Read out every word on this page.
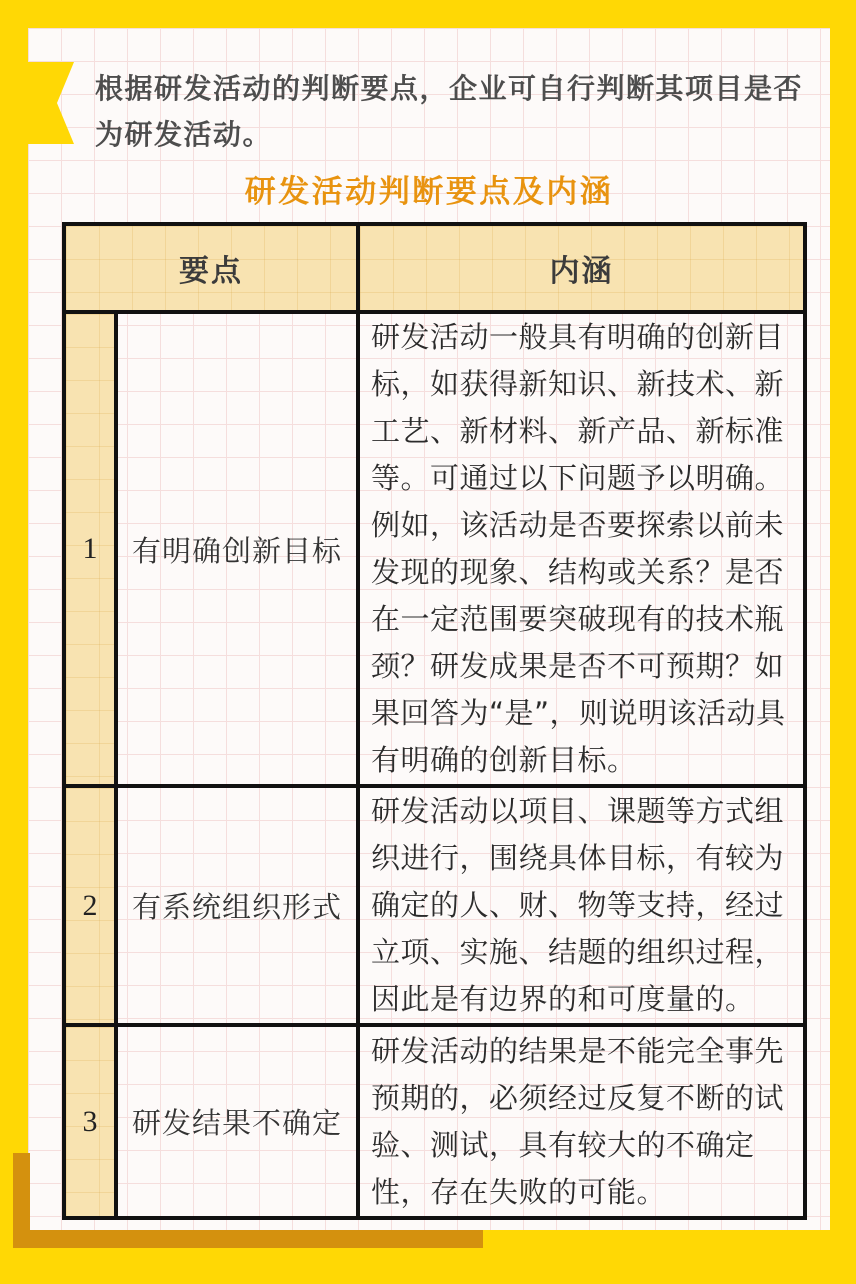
根据研发活动的判断要点，企业可自行判断其项目是否为研发活动。
研发活动判断要点及内涵
要点		内涵
1	有明确创新目标	研发活动一般具有明确的创新目标，如获得新知识、新技术、新工艺、新材料、新产品、新标准等。可通过以下问题予以明确。例如，该活动是否要探索以前未发现的现象、结构或关系？是否在一定范围要突破现有的技术瓶颈？研发成果是否不可预期？如果回答为“是”，则说明该活动具有明确的创新目标。
2	有系统组织形式	研发活动以项目、课题等方式组织进行，围绕具体目标，有较为确定的人、财、物等支持，经过立项、实施、结题的组织过程，因此是有边界的和可度量的。
3	研发结果不确定	研发活动的结果是不能完全事先预期的，必须经过反复不断的试验、测试，具有较大的不确定性，存在失败的可能。
